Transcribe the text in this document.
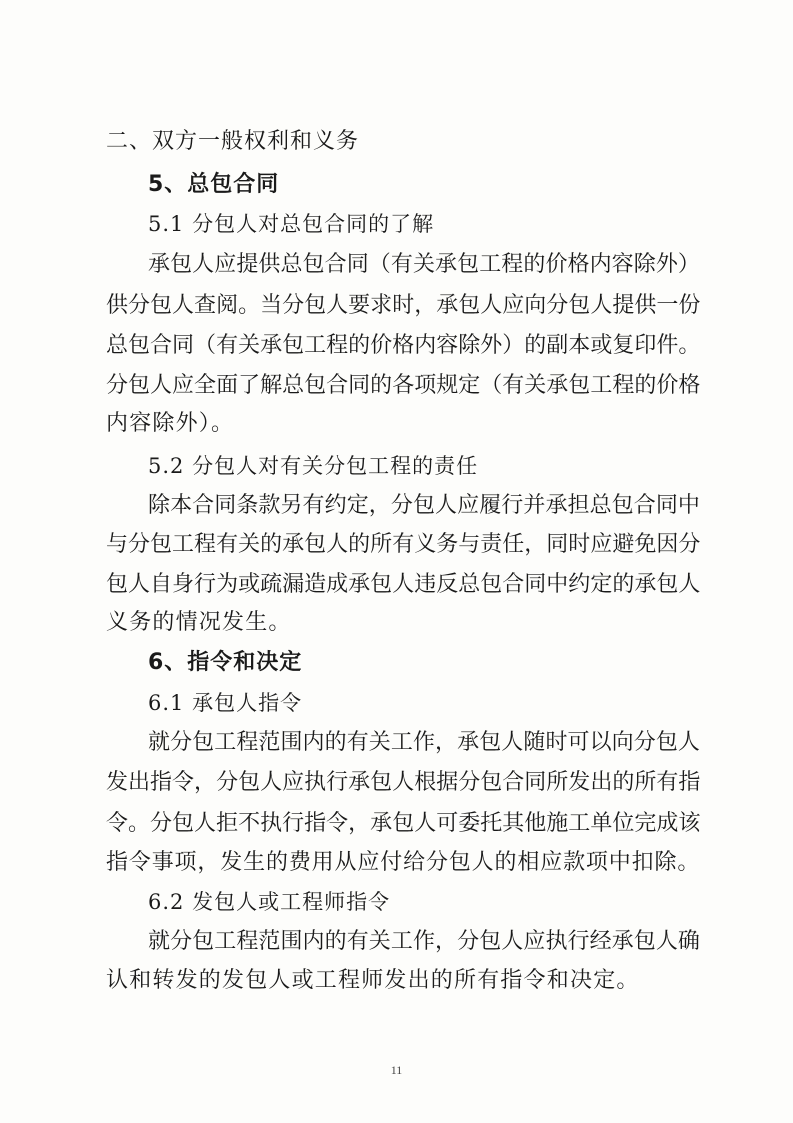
二、双方一般权利和义务
5、总包合同
5.1 分包人对总包合同的了解
承包人应提供总包合同（有关承包工程的价格内容除外）
供分包人查阅。当分包人要求时，承包人应向分包人提供一份
总包合同（有关承包工程的价格内容除外）的副本或复印件。
分包人应全面了解总包合同的各项规定（有关承包工程的价格
内容除外）。
5.2 分包人对有关分包工程的责任
除本合同条款另有约定，分包人应履行并承担总包合同中
与分包工程有关的承包人的所有义务与责任，同时应避免因分
包人自身行为或疏漏造成承包人违反总包合同中约定的承包人
义务的情况发生。
6、指令和决定
6.1 承包人指令
就分包工程范围内的有关工作，承包人随时可以向分包人
发出指令，分包人应执行承包人根据分包合同所发出的所有指
令。分包人拒不执行指令，承包人可委托其他施工单位完成该
指令事项，发生的费用从应付给分包人的相应款项中扣除。
6.2 发包人或工程师指令
就分包工程范围内的有关工作，分包人应执行经承包人确
认和转发的发包人或工程师发出的所有指令和决定。
11
